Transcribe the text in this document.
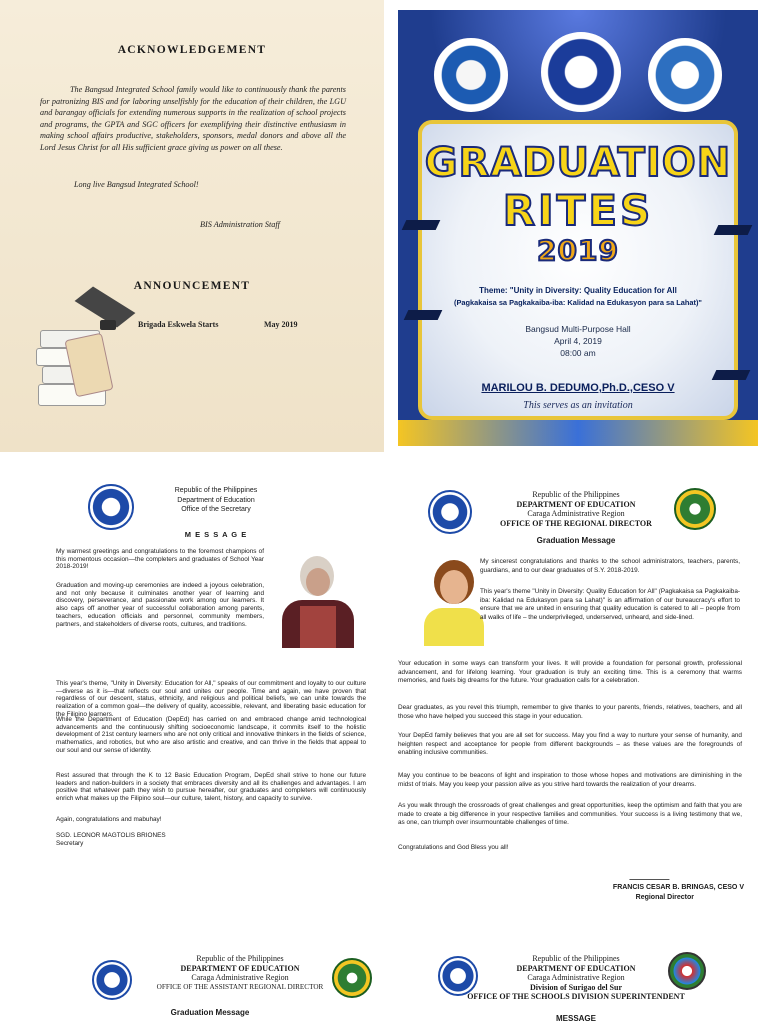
ACKNOWLEDGEMENT
The Bangsud Integrated School family would like to continuously thank the parents for patronizing BIS and for laboring unselfishly for the education of their children, the LGU and barangay officials for extending numerous supports in the realization of school projects and programs, the GPTA and SGC officers for exemplifying their distinctive enthusiasm in making school affairs productive, stakeholders, sponsors, medal donors and above all the Lord Jesus Christ for all His sufficient grace giving us power on all these.
Long live Bangsud Integrated School!
BIS Administration Staff
ANNOUNCEMENT
Brigada Eskwela Starts	May 2019
GRADUATION
RITES
2019
Theme: "Unity in Diversity: Quality Education for All
(Pagkakaisa sa Pagkakaiba-iba: Kalidad na Edukasyon para sa Lahat)"
Bangsud Multi-Purpose Hall
April 4, 2019
08:00 am
MARILOU B. DEDUMO,Ph.D.,CESO V
This serves as an invitation
Republic of the Philippines
Department of Education
Office of the Secretary
M E S S A G E
My warmest greetings and congratulations to the foremost champions of this momentous occasion—the completers and graduates of School Year 2018-2019!
Graduation and moving-up ceremonies are indeed a joyous celebration, and not only because it culminates another year of learning and discovery, perseverance, and passionate work among our learners. It also caps off another year of successful collaboration among parents, teachers, education officials and personnel, community members, partners, and stakeholders of diverse roots, cultures, and traditions.
This year's theme, "Unity in Diversity: Education for All," speaks of our commitment and loyalty to our culture—diverse as it is—that reflects our soul and unites our people. Time and again, we have proven that regardless of our descent, status, ethnicity, and religious and political beliefs, we can unite towards the realization of a common goal—the delivery of quality, accessible, relevant, and liberating basic education for the Filipino learners.
While the Department of Education (DepEd) has carried on and embraced change amid technological advancements and the continuously shifting socioeconomic landscape, it commits itself to the holistic development of 21st century learners who are not only critical and innovative thinkers in the fields of science, mathematics, and robotics, but who are also artistic and creative, and can thrive in the fields that appeal to our soul and our sense of identity.
Rest assured that through the K to 12 Basic Education Program, DepEd shall strive to hone our future leaders and nation-builders in a society that embraces diversity and all its challenges and advantages. I am positive that whatever path they wish to pursue hereafter, our graduates and completers will continuously enrich what makes up the Filipino soul—our culture, talent, history, and capacity to survive.
Again, congratulations and mabuhay!
SGD. LEONOR MAGTOLIS BRIONES
Secretary
Republic of the Philippines
DEPARTMENT OF EDUCATION
Caraga Administrative Region
OFFICE OF THE REGIONAL DIRECTOR
Graduation Message
My sincerest congratulations and thanks to the school administrators, teachers, parents, guardians, and to our dear graduates of S.Y. 2018-2019.
This year's theme "Unity in Diversity: Quality Education for All" (Pagkakaisa sa Pagkakaiba-iba: Kalidad na Edukasyon para sa Lahat)" is an affirmation of our bureaucracy's effort to ensure that we are united in ensuring that quality education is catered to all – people from all walks of life – the underprivileged, underserved, unheard, and side-lined.
Your education in some ways can transform your lives. It will provide a foundation for personal growth, professional advancement, and for lifelong learning. Your graduation is truly an exciting time. This is a ceremony that warms memories, and fuels big dreams for the future. Your graduation calls for a celebration.
Dear graduates, as you revel this triumph, remember to give thanks to your parents, friends, relatives, teachers, and all those who have helped you succeed this stage in your education.
Your DepEd family believes that you are all set for success. May you find a way to nurture your sense of humanity, and heighten respect and acceptance for people from different backgrounds – as these values are the foregrounds of enabling inclusive communities.
May you continue to be beacons of light and inspiration to those whose hopes and motivations are diminishing in the midst of trials. May you keep your passion alive as you strive hard towards the realization of your dreams.
As you walk through the crossroads of great challenges and great opportunities, keep the optimism and faith that you are made to create a big difference in your respective families and communities. Your success is a living testimony that we, as one, can triumph over insurmountable challenges of time.
Congratulations and God Bless you all!
FRANCIS CESAR B. BRINGAS, CESO V
Regional Director
Republic of the Philippines
DEPARTMENT OF EDUCATION
Caraga Administrative Region
OFFICE OF THE ASSISTANT REGIONAL DIRECTOR
Graduation Message
Republic of the Philippines
DEPARTMENT OF EDUCATION
Caraga Administrative Region
Division of Surigao del Sur
OFFICE OF THE SCHOOLS DIVISION SUPERINTENDENT
MESSAGE
